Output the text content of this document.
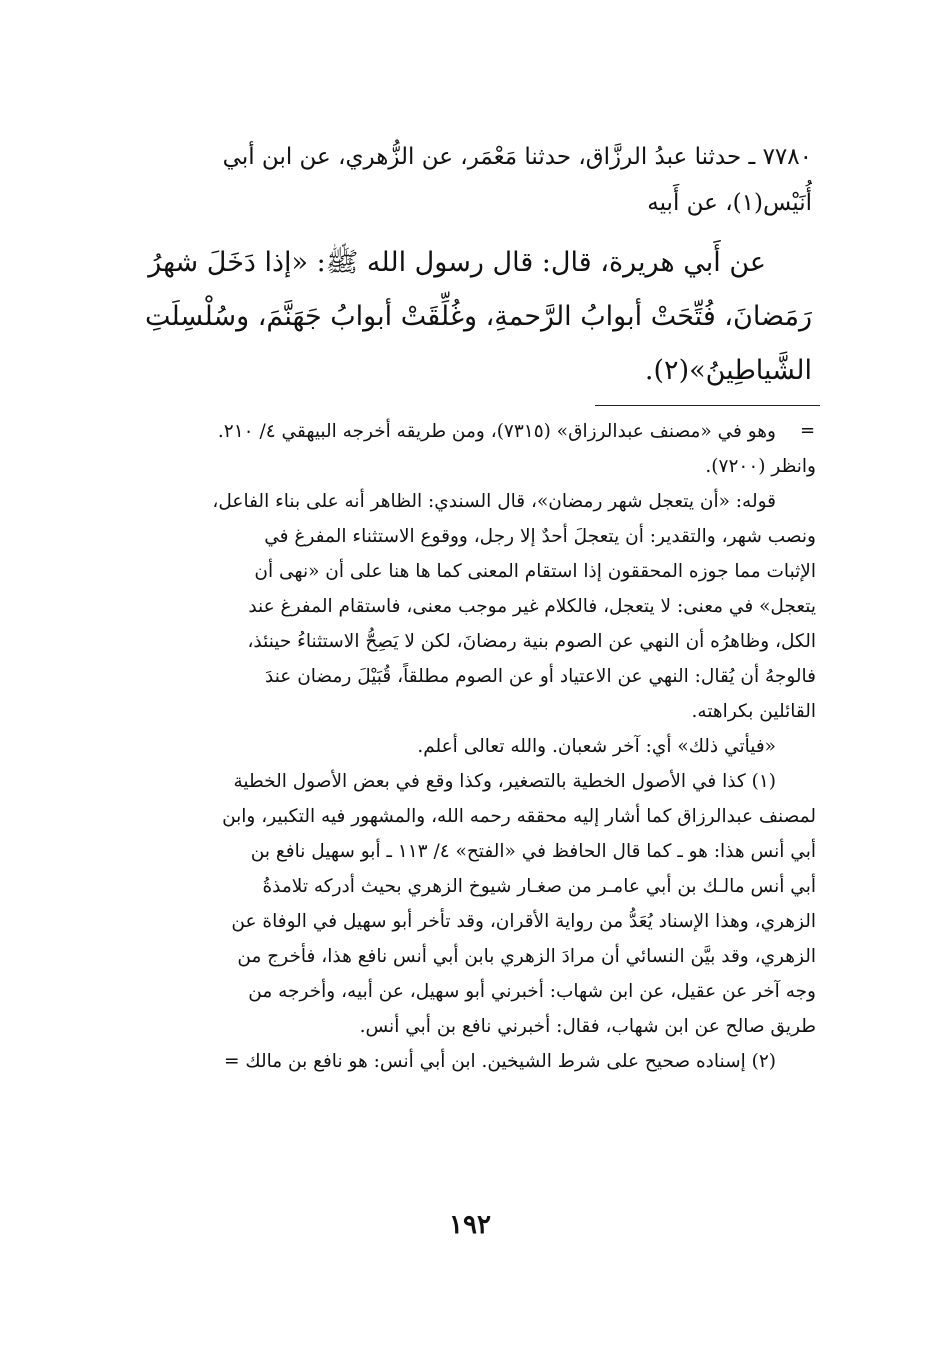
٧٧٨٠ ـ حدثنا عبدُ الرزَّاق، حدثنا مَعْمَر، عن الزُّهري، عن ابن أبي
أُنَيْس(١)، عن أَبيه
عن أَبي هريرة، قال: قال رسول الله ﷺ: «إذا دَخَلَ شهرُ
رَمَضانَ، فُتِّحَتْ أبوابُ الرَّحمةِ، وغُلِّقَتْ أبوابُ جَهَنَّمَ، وسُلْسِلَتِ
الشَّياطِينُ»(٢).
=
وهو في «مصنف عبدالرزاق» (٧٣١٥)، ومن طريقه أخرجه البيهقي ٤/ ٢١٠.
وانظر (٧٢٠٠).
قوله: «أن يتعجل شهر رمضان»، قال السندي: الظاهر أنه على بناء الفاعل،
ونصب شهر، والتقدير: أن يتعجلَ أحدٌ إلا رجل، ووقوع الاستثناء المفرغ في
الإثبات مما جوزه المحققون إذا استقام المعنى كما ها هنا على أن «نهى أن
يتعجل» في معنى: لا يتعجل، فالكلام غير موجب معنى، فاستقام المفرغ عند
الكل، وظاهرُه أن النهي عن الصوم بنية رمضانَ، لكن لا يَصِحُّ الاستثناءُ حينئذ،
فالوجهُ أن يُقال: النهي عن الاعتياد أو عن الصوم مطلقاً، قُبَيْلَ رمضان عندَ
القائلين بكراهته.
«فيأتي ذلك» أي: آخر شعبان. والله تعالى أعلم.
(١) كذا في الأصول الخطية بالتصغير، وكذا وقع في بعض الأصول الخطية
لمصنف عبدالرزاق كما أشار إليه محققه رحمه الله، والمشهور فيه التكبير، وابن
أبي أنس هذا: هو ـ كما قال الحافظ في «الفتح» ٤/ ١١٣ ـ أبو سهيل نافع بن
أبي أنس مالـك بن أبي عامـر من صغـار شيوخ الزهري بحيث أدركه تلامذةُ
الزهري، وهذا الإسناد يُعَدُّ من رواية الأقران، وقد تأخر أبو سهيل في الوفاة عن
الزهري، وقد بيَّن النسائي أن مرادَ الزهري بابن أبي أنس نافع هذا، فأخرج من
وجه آخر عن عقيل، عن ابن شهاب: أخبرني أبو سهيل، عن أبيه، وأخرجه من
طريق صالح عن ابن شهاب، فقال: أخبرني نافع بن أبي أنس.
(٢) إسناده صحيح على شرط الشيخين. ابن أبي أنس: هو نافع بن مالك =
١٩٢
